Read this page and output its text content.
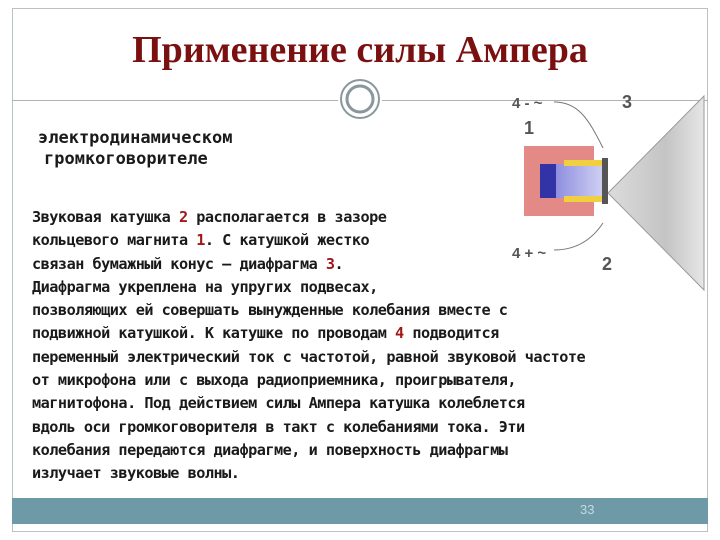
Применение силы Ампера
электродинамическом
громкоговорителе
Звуковая катушка 2 располагается в зазоре
кольцевого магнита 1. С катушкой жестко
связан бумажный конус — диафрагма 3.
Диафрагма укреплена на упругих подвесах,
позволяющих ей совершать вынужденные колебания вместе с
подвижной катушкой. К катушке по проводам 4 подводится
переменный электрический ток с частотой, равной звуковой частоте
от микрофона или с выхода радиоприемника, проигрывателя,
магнитофона. Под действием силы Ампера катушка колеблется
вдоль оси громкоговорителя в такт с колебаниями тока. Эти
колебания передаются диафрагме, и поверхность диафрагмы
излучает звуковые волны.
4 - ~	3
1
4 + ~
2
33
